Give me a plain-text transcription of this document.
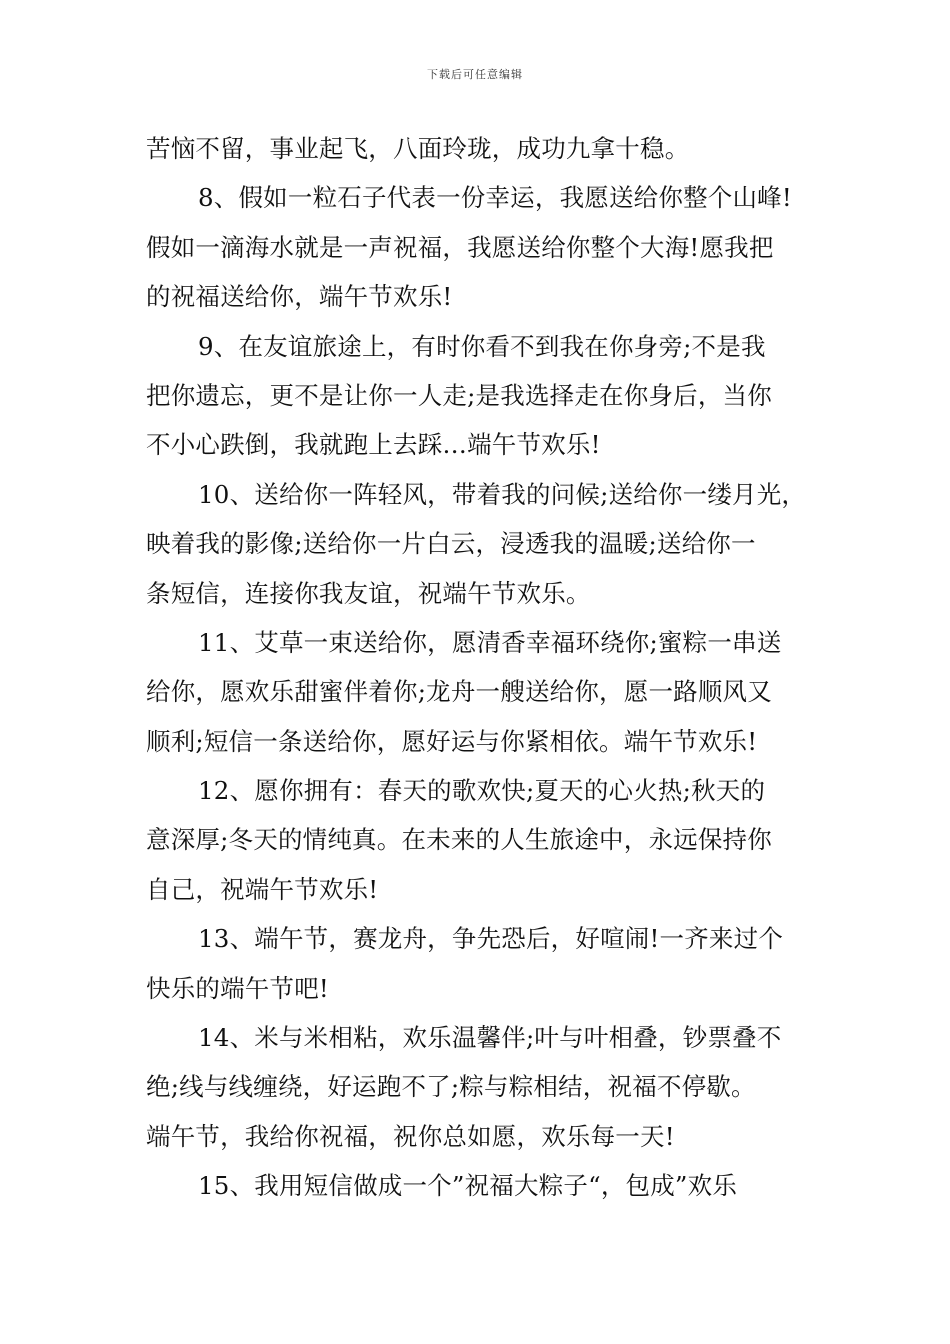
下载后可任意编辑
苦恼不留，事业起飞，八面玲珑，成功九拿十稳。
8、假如一粒石子代表一份幸运，我愿送给你整个山峰!
假如一滴海水就是一声祝福，我愿送给你整个大海!愿我把
的祝福送给你，端午节欢乐!
9、在友谊旅途上，有时你看不到我在你身旁;不是我
把你遗忘，更不是让你一人走;是我选择走在你身后，当你
不小心跌倒，我就跑上去踩…端午节欢乐!
10、送给你一阵轻风，带着我的问候;送给你一缕月光，
映着我的影像;送给你一片白云，浸透我的温暖;送给你一
条短信，连接你我友谊，祝端午节欢乐。
11、艾草一束送给你，愿清香幸福环绕你;蜜粽一串送
给你，愿欢乐甜蜜伴着你;龙舟一艘送给你，愿一路顺风又
顺利;短信一条送给你，愿好运与你紧相依。端午节欢乐!
12、愿你拥有：春天的歌欢快;夏天的心火热;秋天的
意深厚;冬天的情纯真。在未来的人生旅途中，永远保持你
自己，祝端午节欢乐!
13、端午节，赛龙舟，争先恐后，好喧闹!一齐来过个
快乐的端午节吧!
14、米与米相粘，欢乐温馨伴;叶与叶相叠，钞票叠不
绝;线与线缠绕，好运跑不了;粽与粽相结，祝福不停歇。
端午节，我给你祝福，祝你总如愿，欢乐每一天!
15、我用短信做成一个”祝福大粽子“，包成”欢乐
